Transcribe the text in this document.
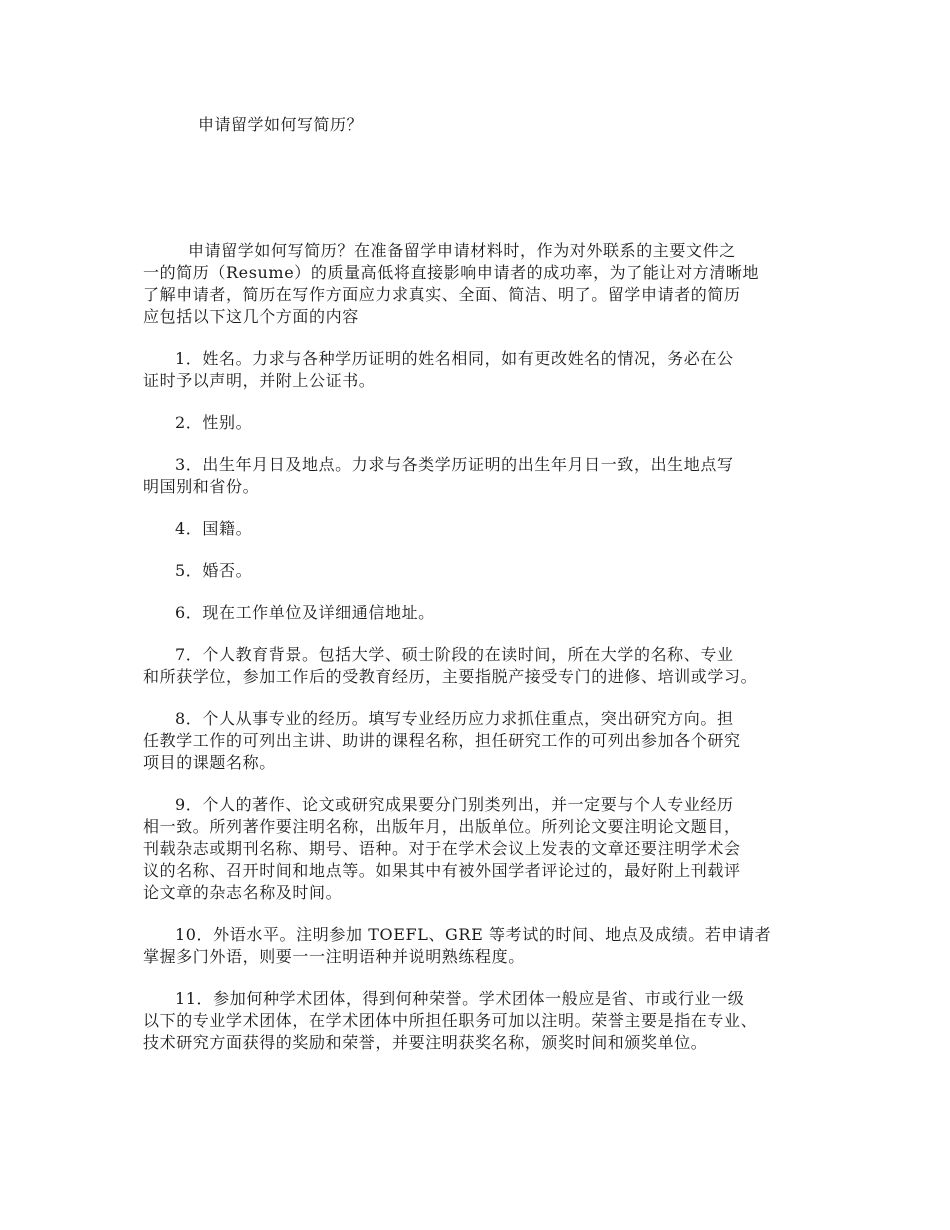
申请留学如何写简历？

申请留学如何写简历？在准备留学申请材料时，作为对外联系的主要文件之
一的简历（Resume）的质量高低将直接影响申请者的成功率，为了能让对方清晰地
了解申请者，简历在写作方面应力求真实、全面、简洁、明了。留学申请者的简历
应包括以下这几个方面的内容

1．姓名。力求与各种学历证明的姓名相同，如有更改姓名的情况，务必在公
证时予以声明，并附上公证书。

2．性别。

3．出生年月日及地点。力求与各类学历证明的出生年月日一致，出生地点写
明国别和省份。

4．国籍。

5．婚否。

6．现在工作单位及详细通信地址。

7．个人教育背景。包括大学、硕士阶段的在读时间，所在大学的名称、专业
和所获学位，参加工作后的受教育经历，主要指脱产接受专门的进修、培训或学习。

8．个人从事专业的经历。填写专业经历应力求抓住重点，突出研究方向。担
任教学工作的可列出主讲、助讲的课程名称，担任研究工作的可列出参加各个研究
项目的课题名称。

9．个人的著作、论文或研究成果要分门别类列出，并一定要与个人专业经历
相一致。所列著作要注明名称，出版年月，出版单位。所列论文要注明论文题目，
刊载杂志或期刊名称、期号、语种。对于在学术会议上发表的文章还要注明学术会
议的名称、召开时间和地点等。如果其中有被外国学者评论过的，最好附上刊载评
论文章的杂志名称及时间。

10．外语水平。注明参加 TOEFL、GRE 等考试的时间、地点及成绩。若申请者
掌握多门外语，则要一一注明语种并说明熟练程度。

11．参加何种学术团体，得到何种荣誉。学术团体一般应是省、市或行业一级
以下的专业学术团体，在学术团体中所担任职务可加以注明。荣誉主要是指在专业、
技术研究方面获得的奖励和荣誉，并要注明获奖名称，颁奖时间和颁奖单位。
